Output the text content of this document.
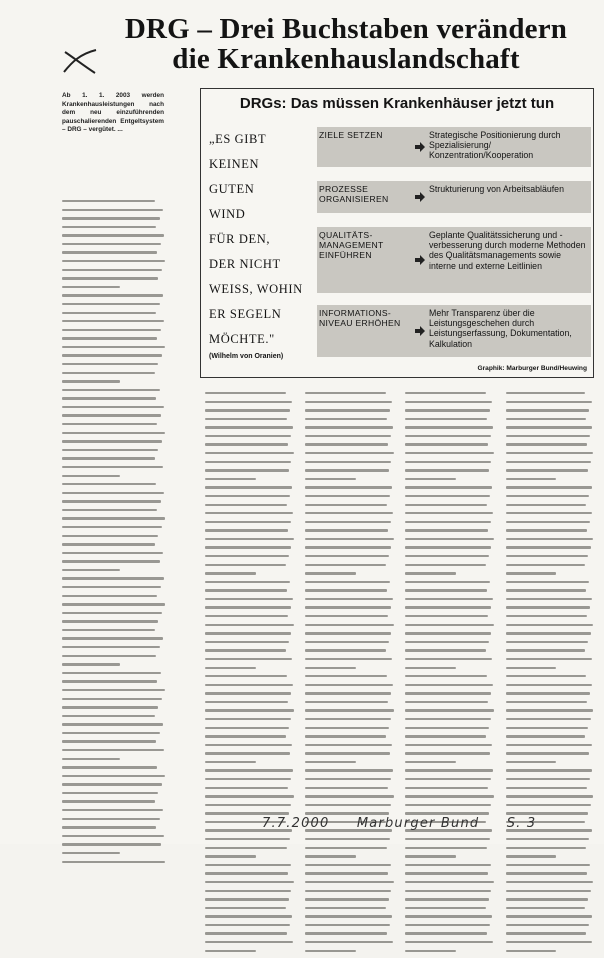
DRG – Drei Buchstaben verändern
die Krankenhauslandschaft
Ab 1. 1. 2003 werden Krankenhausleistungen nach dem neu einzuführenden pauschalierenden Entgeltsystem – DRG – vergütet. ...
DRGs: Das müssen Krankenhäuser jetzt tun
„ES GIBT
KEINEN
GUTEN
WIND
FÜR DEN,
DER NICHT
WEISS, WOHIN
ER SEGELN
MÖCHTE."
(Wilhelm von Oranien)
ZIELE SETZEN	Strategische Positionierung durch Spezialisierung/ Konzentration/Kooperation
PROZESSE ORGANISIEREN
Strukturierung von Arbeitsabläufen
QUALITÄTS-MANAGEMENT EINFÜHREN
Geplante Qualitätssicherung und -verbesserung durch moderne Methoden des Qualitätsmanagements sowie interne und externe Leitlinien
INFORMATIONS-NIVEAU ERHÖHEN
Mehr Transparenz über die Leistungsgeschehen durch Leistungserfassung, Dokumentation, Kalkulation
Graphik: Marburger Bund/Heuwing
7.7.2000 Marburger Bund S. 3
